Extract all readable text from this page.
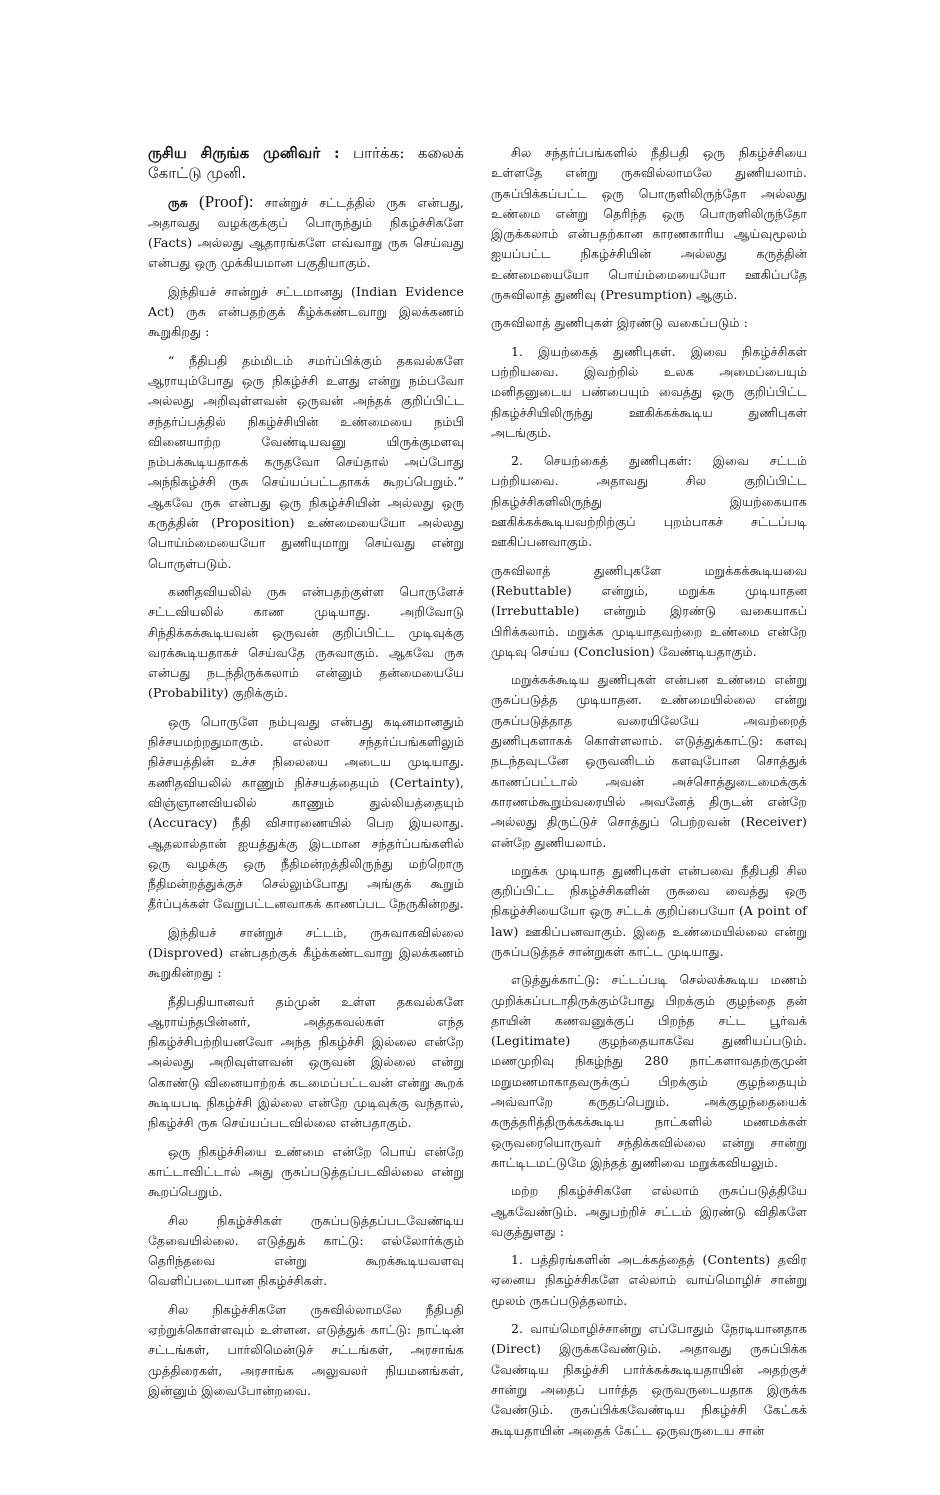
ருசிய சிருங்க முனிவர் : பார்க்க: கலைக் கோட்டு முனி.

ருசு (Proof): சான்றுச் சட்டத்தில் ருசு என்பது, அதாவது வழக்குக்குப் பொருந்தும் நிகழ்ச்சிகளே (Facts) அல்லது ஆதாரங்களே எவ்வாறு ருசு செய்வது என்பது ஒரு முக்கியமான பகுதியாகும்.

இந்தியச் சான்றுச் சட்டமானது (Indian Evidence Act) ருசு என்பதற்குக் கீழ்க்கண்டவாறு இலக்கணம் கூறுகிறது :

“ நீதிபதி தம்மிடம் சமர்ப்பிக்கும் தகவல்களே ஆராயும்போது ஒரு நிகழ்ச்சி உளது என்று நம்பவோ அல்லது அறிவுள்ளவன் ஒருவன் அந்தக் குறிப்பிட்ட சந்தர்ப்பத்தில் நிகழ்ச்சியின் உண்மையை நம்பி வினையாற்ற வேண்டியவனு யிருக்குமளவு நம்பக்கூடியதாகக் கருதவோ செய்தால் அப்போது அந்நிகழ்ச்சி ருசு செய்யப்பட்டதாகக் கூறப்பெறும்.” ஆகவே ருசு என்பது ஒரு நிகழ்ச்சியின் அல்லது ஒரு கருத்தின் (Proposition) உண்மையையோ அல்லது பொய்ம்மையையோ துணியுமாறு செய்வது என்று பொருள்படும்.

கணிதவியலில் ருசு என்பதற்குள்ள பொருளேச் சட்டவியலில் காண முடியாது. அறிவோடு சிந்திக்கக்கூடியவன் ஒருவன் குறிப்பிட்ட முடிவுக்கு வரக்கூடியதாகச் செய்வதே ருசுவாகும். ஆகவே ருசு என்பது நடந்திருக்கலாம் என்னும் தன்மையையே (Probability) குறிக்கும்.

ஒரு பொருளே நம்புவது என்பது கடினமானதும் நிச்சயமற்றதுமாகும். எல்லா சந்தர்ப்பங்களிலும் நிச்சயத்தின் உச்ச நிலையை அடைய முடியாது. கணிதவியலில் காணும் நிச்சயத்தையும் (Certainty), விஞ்ஞானவியலில் காணும் துல்லியத்தையும் (Accuracy) நீதி விசாரணையில் பெற இயலாது. ஆதலால்தான் ஐயத்துக்கு இடமான சந்தர்ப்பங்களில் ஒரு வழக்கு ஒரு நீதிமன்றத்திலிருந்து மற்றொரு நீதிமன்றத்துக்குச் செல்லும்போது அங்குக் கூறும் தீர்ப்புக்கள் வேறுபட்டனவாகக் காணப்பட நேருகின்றது.

இந்தியச் சான்றுச் சட்டம், ருசுவாகவில்லை (Disproved) என்பதற்குக் கீழ்க்கண்டவாறு இலக்கணம் கூறுகின்றது :

நீதிபதியானவர் தம்முன் உள்ள தகவல்களே ஆராய்ந்தபின்னர், அத்தகவல்கள் எந்த நிகழ்ச்சிபற்றியனவோ அந்த நிகழ்ச்சி இல்லை என்றே அல்லது அறிவுள்ளவன் ஒருவன் இல்லை என்று கொண்டு வினையாற்றக் கடமைப்பட்டவன் என்று கூறக் கூடியபடி நிகழ்ச்சி இல்லை என்றே முடிவுக்கு வந்தால், நிகழ்ச்சி ருசு செய்யப்படவில்லை என்பதாகும்.

ஒரு நிகழ்ச்சியை உண்மை என்றே பொய் என்றே காட்டாவிட்டால் அது ருசுப்படுத்தப்படவில்லை என்று கூறப்பெறும்.

சில நிகழ்ச்சிகள் ருசுப்படுத்தப்படவேண்டிய தேவையில்லை. எடுத்துக் காட்டு: எல்லோர்க்கும் தெரிந்தவை என்று கூறக்கூடியவளவு வெளிப்படையான நிகழ்ச்சிகள்.

சில நிகழ்ச்சிகளே ருசுவில்லாமலே நீதிபதி ஏற்றுக்கொள்ளவும் உள்ளன. எடுத்துக் காட்டு: நாட்டின் சட்டங்கள், பார்லிமென்டுச் சட்டங்கள், அரசாங்க முத்திரைகள், அரசாங்க அலுவலர் நியமனங்கள், இன்னும் இவைபோன்றவை.

சில சந்தர்ப்பங்களில் நீதிபதி ஒரு நிகழ்ச்சியை உள்ளதே என்று ருசுவில்லாமலே துணியலாம். ருசுப்பிக்கப்பட்ட ஒரு பொருளிலிருந்தோ அல்லது உண்மை என்று தெரிந்த ஒரு பொருளிலிருந்தோ இருக்கலாம் என்பதற்கான காரணகாரிய ஆய்வுமூலம் ஐயப்பட்ட நிகழ்ச்சியின் அல்லது கருத்தின் உண்மையையோ பொய்ம்மையையோ ஊகிப்பதே ருசுவிலாத் துணிவு (Presumption) ஆகும்.

ருசுவிலாத் துணிபுகள் இரண்டு வகைப்படும் :

1. இயற்கைத் துணிபுகள். இவை நிகழ்ச்சிகள் பற்றியவை. இவற்றில் உலக அமைப்பையும் மனிதனுடைய பண்பையும் வைத்து ஒரு குறிப்பிட்ட நிகழ்ச்சியிலிருந்து ஊகிக்கக்கூடிய துணிபுகள் அடங்கும்.

2. செயற்கைத் துணிபுகள்: இவை சட்டம் பற்றியவை. அதாவது சில குறிப்பிட்ட நிகழ்ச்சிகளிலிருந்து இயற்கையாக ஊகிக்கக்கூடியவற்றிற்குப் புறம்பாகச் சட்டப்படி ஊகிப்பனவாகும்.

ருசுவிலாத் துணிபுகளே மறுக்கக்கூடியவை (Rebuttable) என்றும், மறுக்க முடியாதன (Irrebuttable) என்றும் இரண்டு வகையாகப் பிரிக்கலாம். மறுக்க முடியாதவற்றை உண்மை என்றே முடிவு செய்ய (Conclusion) வேண்டியதாகும்.

மறுக்கக்கூடிய துணிபுகள் என்பன உண்மை என்று ருசுப்படுத்த முடியாதன. உண்மையில்லை என்று ருசுப்படுத்தாத வரையிலேயே அவற்றைத் துணிபுகளாகக் கொள்ளலாம். எடுத்துக்காட்டு: களவு நடந்தவுடனே ஒருவனிடம் களவுபோன சொத்துக் காணப்பட்டால் அவன் அச்சொத்துடைமைக்குக் காரணம்கூறும்வரையில் அவனேத் திருடன் என்றே அல்லது திருட்டுச் சொத்துப் பெற்றவன் (Receiver) என்றே துணியலாம்.

மறுக்க முடியாத துணிபுகள் என்பவை நீதிபதி சில குறிப்பிட்ட நிகழ்ச்சிகளின் ருசுவை வைத்து ஒரு நிகழ்ச்சியையோ ஒரு சட்டக் குறிப்பையோ (A point of law) ஊகிப்பனவாகும். இதை உண்மையில்லை என்று ருசுப்படுத்தச் சான்றுகள் காட்ட முடியாது.

எடுத்துக்காட்டு: சட்டப்படி செல்லக்கூடிய மணம் முறிக்கப்படாதிருக்கும்போது பிறக்கும் குழந்தை தன் தாயின் கணவனுக்குப் பிறந்த சட்ட பூர்வக் (Legitimate) குழந்தையாகவே துணியப்படும். மணமுறிவு நிகழ்ந்து 280 நாட்களாவதற்குமுன் மறுமணமாகாதவருக்குப் பிறக்கும் குழந்தையும் அவ்வாறே கருதப்பெறும். அக்குழந்தையைக் கருத்தரித்திருக்கக்கூடிய நாட்களில் மணமக்கள் ஒருவரையொருவர் சந்திக்கவில்லை என்று சான்று காட்டிடமட்டுமே இந்தத் துணிவை மறுக்கவியலும்.

மற்ற நிகழ்ச்சிகளே எல்லாம் ருசுப்படுத்தியே ஆகவேண்டும். அதுபற்றிச் சட்டம் இரண்டு விதிகளே வகுத்துளது :

1. பத்திரங்களின் அடக்கத்தைத் (Contents) தவிர ஏனைய நிகழ்ச்சிகளே எல்லாம் வாய்மொழிச் சான்று மூலம் ருசுப்படுத்தலாம்.

2. வாய்மொழிச்சான்று எப்போதும் நேரடியானதாக (Direct) இருக்கவேண்டும். அதாவது ருசுப்பிக்க வேண்டிய நிகழ்ச்சி பார்க்கக்கூடியதாயின் அதற்குச் சான்று அதைப் பார்த்த ஒருவருடையதாக இருக்க வேண்டும். ருசுப்பிக்கவேண்டிய நிகழ்ச்சி கேட்கக் கூடியதாயின் அதைக் கேட்ட ஒருவருடைய சான்
